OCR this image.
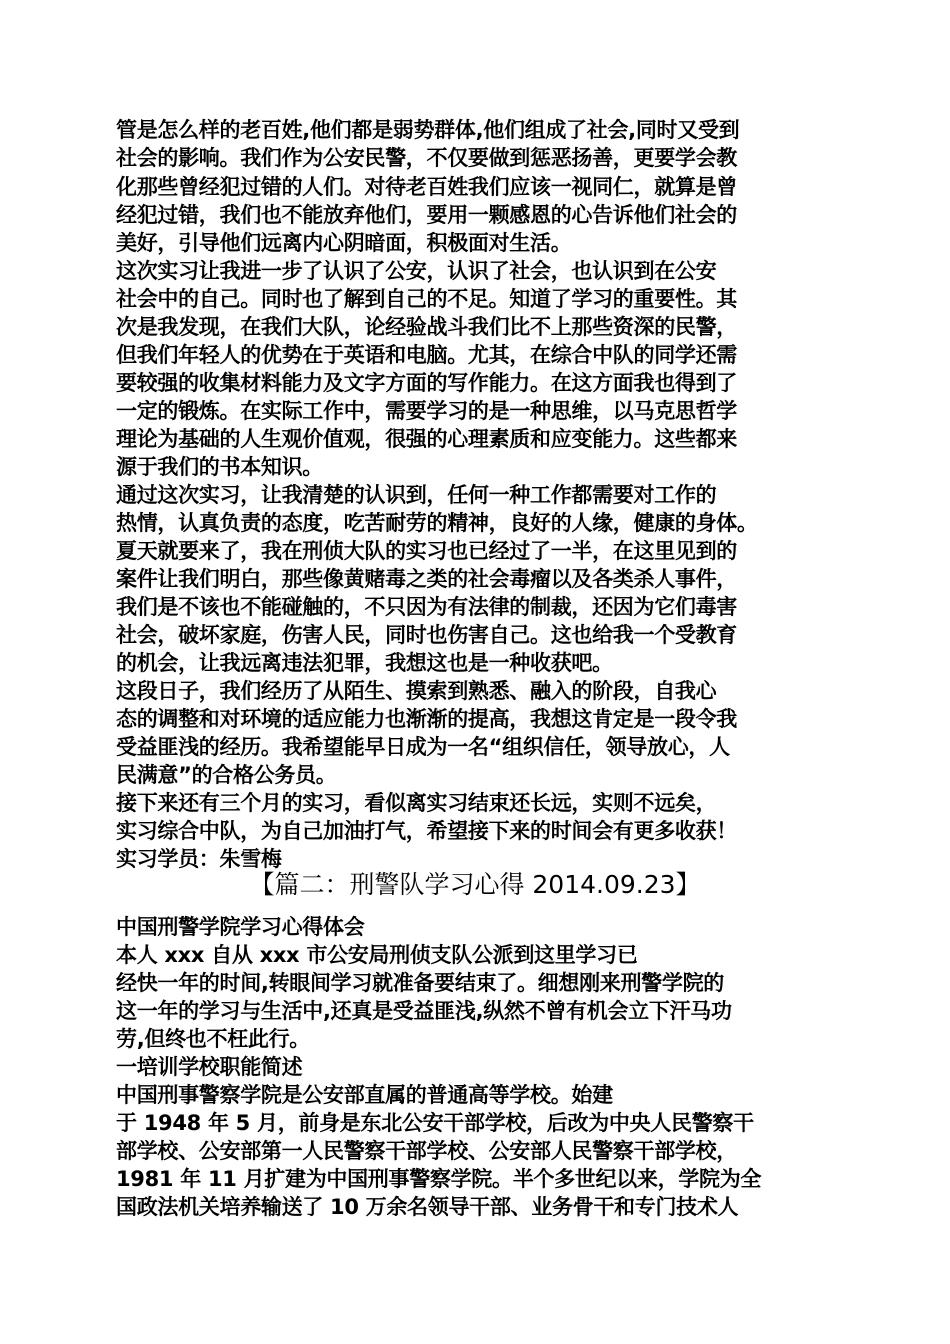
管是怎么样的老百姓,他们都是弱势群体,他们组成了社会,同时又受到
社会的影响。我们作为公安民警，不仅要做到惩恶扬善，更要学会教
化那些曾经犯过错的人们。对待老百姓我们应该一视同仁，就算是曾
经犯过错，我们也不能放弃他们，要用一颗感恩的心告诉他们社会的
美好，引导他们远离内心阴暗面，积极面对生活。
这次实习让我进一步了认识了公安，认识了社会，也认识到在公安
社会中的自己。同时也了解到自己的不足。知道了学习的重要性。其
次是我发现，在我们大队，论经验战斗我们比不上那些资深的民警，
但我们年轻人的优势在于英语和电脑。尤其，在综合中队的同学还需
要较强的收集材料能力及文字方面的写作能力。在这方面我也得到了
一定的锻炼。在实际工作中，需要学习的是一种思维，以马克思哲学
理论为基础的人生观价值观，很强的心理素质和应变能力。这些都来
源于我们的书本知识。
通过这次实习，让我清楚的认识到，任何一种工作都需要对工作的
热情，认真负责的态度，吃苦耐劳的精神，良好的人缘，健康的身体。
夏天就要来了，我在刑侦大队的实习也已经过了一半，在这里见到的
案件让我们明白，那些像黄赌毒之类的社会毒瘤以及各类杀人事件，
我们是不该也不能碰触的，不只因为有法律的制裁，还因为它们毒害
社会，破坏家庭，伤害人民，同时也伤害自己。这也给我一个受教育
的机会，让我远离违法犯罪，我想这也是一种收获吧。
这段日子，我们经历了从陌生、摸索到熟悉、融入的阶段，自我心
态的调整和对环境的适应能力也渐渐的提高，我想这肯定是一段令我
受益匪浅的经历。我希望能早日成为一名“组织信任，领导放心，人
民满意”的合格公务员。
接下来还有三个月的实习，看似离实习结束还长远，实则不远矣，
实习综合中队，为自己加油打气，希望接下来的时间会有更多收获！
实习学员：朱雪梅
【篇二：刑警队学习心得 2014.09.23】
中国刑警学院学习心得体会
本人 xxx 自从 xxx 市公安局刑侦支队公派到这里学习已
经快一年的时间,转眼间学习就准备要结束了。细想刚来刑警学院的
这一年的学习与生活中,还真是受益匪浅,纵然不曾有机会立下汗马功
劳,但终也不枉此行。
一培训学校职能简述
中国刑事警察学院是公安部直属的普通高等学校。始建
于 1948 年 5 月，前身是东北公安干部学校，后改为中央人民警察干
部学校、公安部第一人民警察干部学校、公安部人民警察干部学校，
1981 年 11 月扩建为中国刑事警察学院。半个多世纪以来，学院为全
国政法机关培养输送了 10 万余名领导干部、业务骨干和专门技术人
